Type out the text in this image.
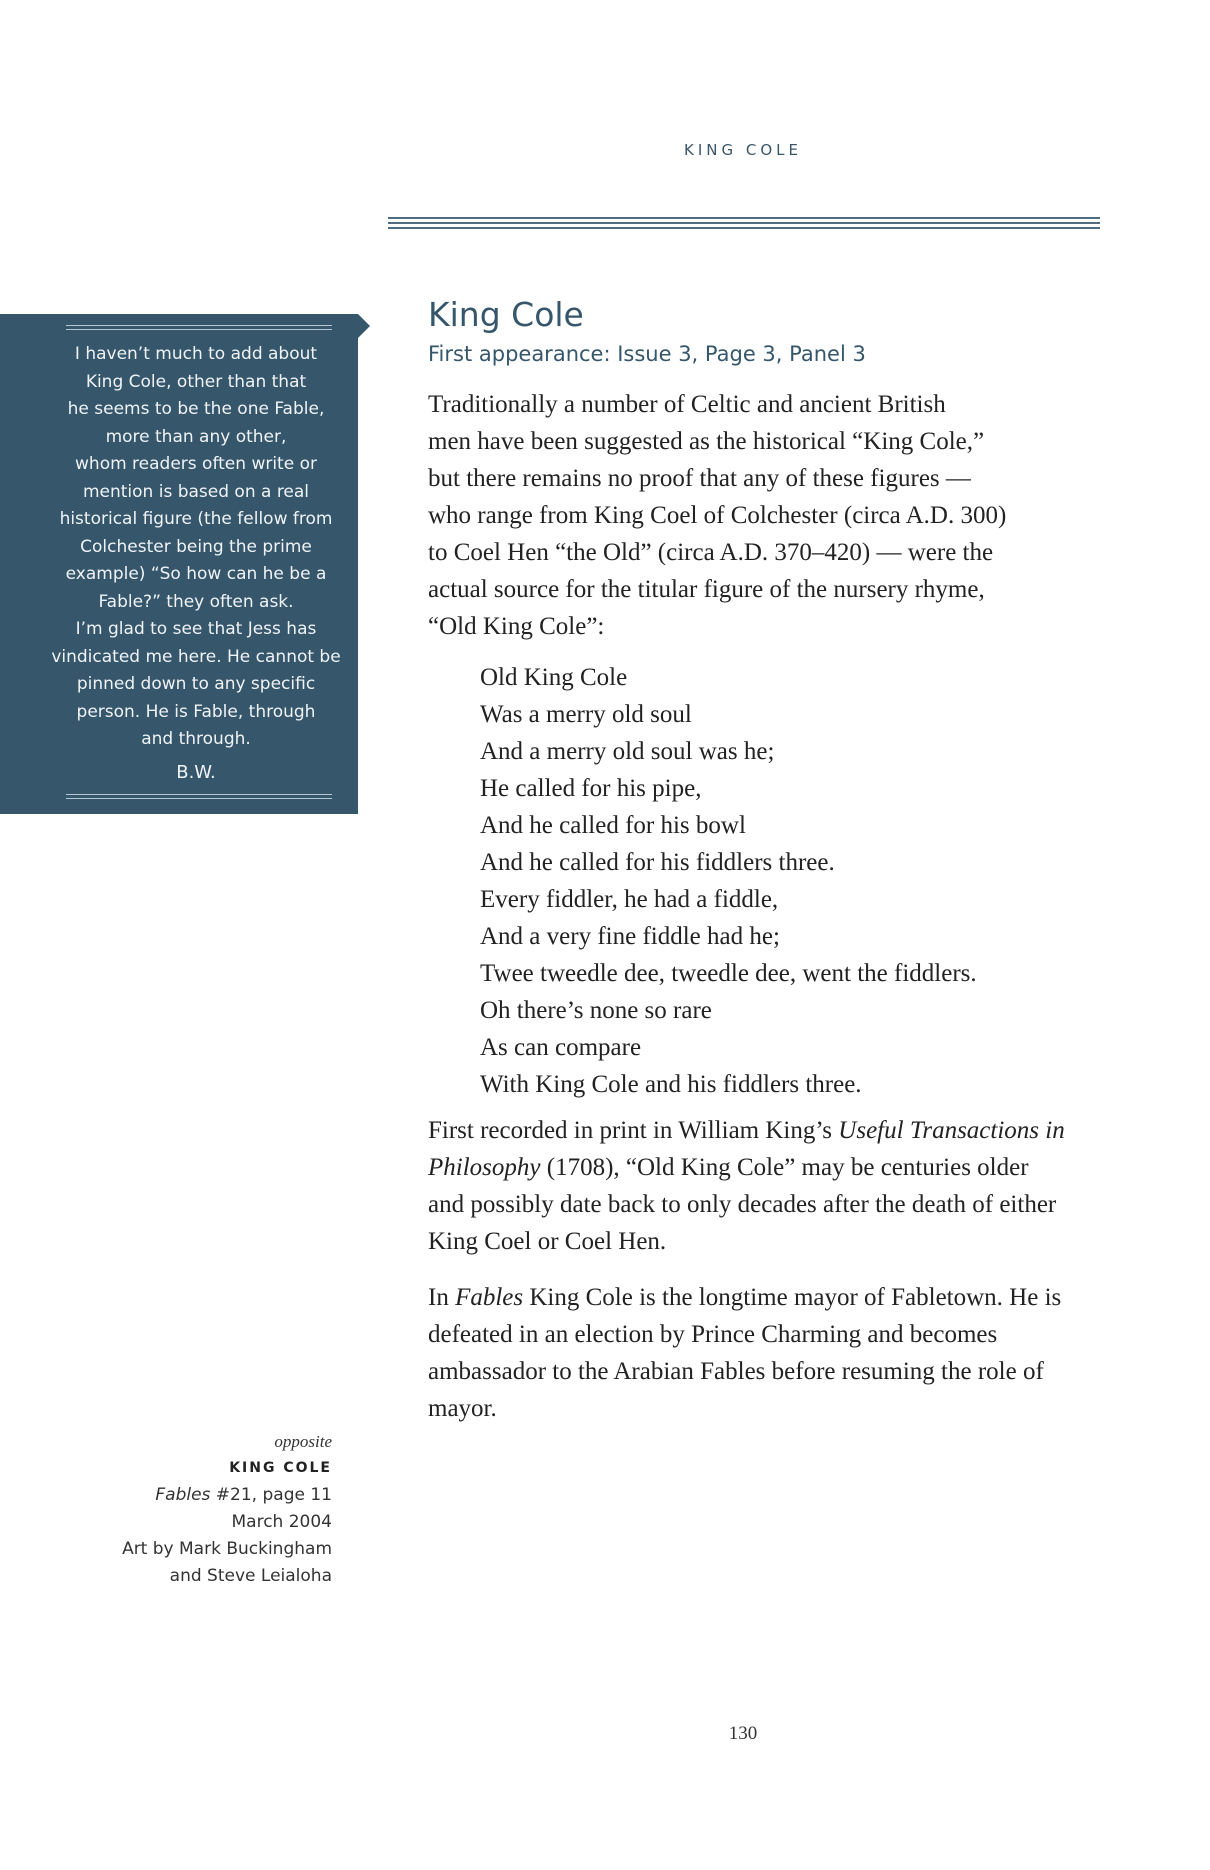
KING COLE
I haven’t much to add about
King Cole, other than that
he seems to be the one Fable,
more than any other,
whom readers often write or
mention is based on a real
historical figure (the fellow from
Colchester being the prime
example) “So how can he be a
Fable?” they often ask.
I’m glad to see that Jess has
vindicated me here. He cannot be
pinned down to any specific
person. He is Fable, through
and through.
B.W.
King Cole
First appearance: Issue 3, Page 3, Panel 3
Traditionally a number of Celtic and ancient British
men have been suggested as the historical “King Cole,”
but there remains no proof that any of these figures —
who range from King Coel of Colchester (circa A.D. 300)
to Coel Hen “the Old” (circa A.D. 370–420) — were the
actual source for the titular figure of the nursery rhyme,
“Old King Cole”:
Old King Cole
Was a merry old soul
And a merry old soul was he;
He called for his pipe,
And he called for his bowl
And he called for his fiddlers three.
Every fiddler, he had a fiddle,
And a very fine fiddle had he;
Twee tweedle dee, tweedle dee, went the fiddlers.
Oh there’s none so rare
As can compare
With King Cole and his fiddlers three.
First recorded in print in William King’s Useful Transactions in Philosophy (1708), “Old King Cole” may be centuries older and possibly date back to only decades after the death of either King Coel or Coel Hen.
In Fables King Cole is the longtime mayor of Fabletown. He is defeated in an election by Prince Charming and becomes ambassador to the Arabian Fables before resuming the role of mayor.
opposite
KING COLE
Fables #21, page 11
March 2004
Art by Mark Buckingham
and Steve Leialoha
130
